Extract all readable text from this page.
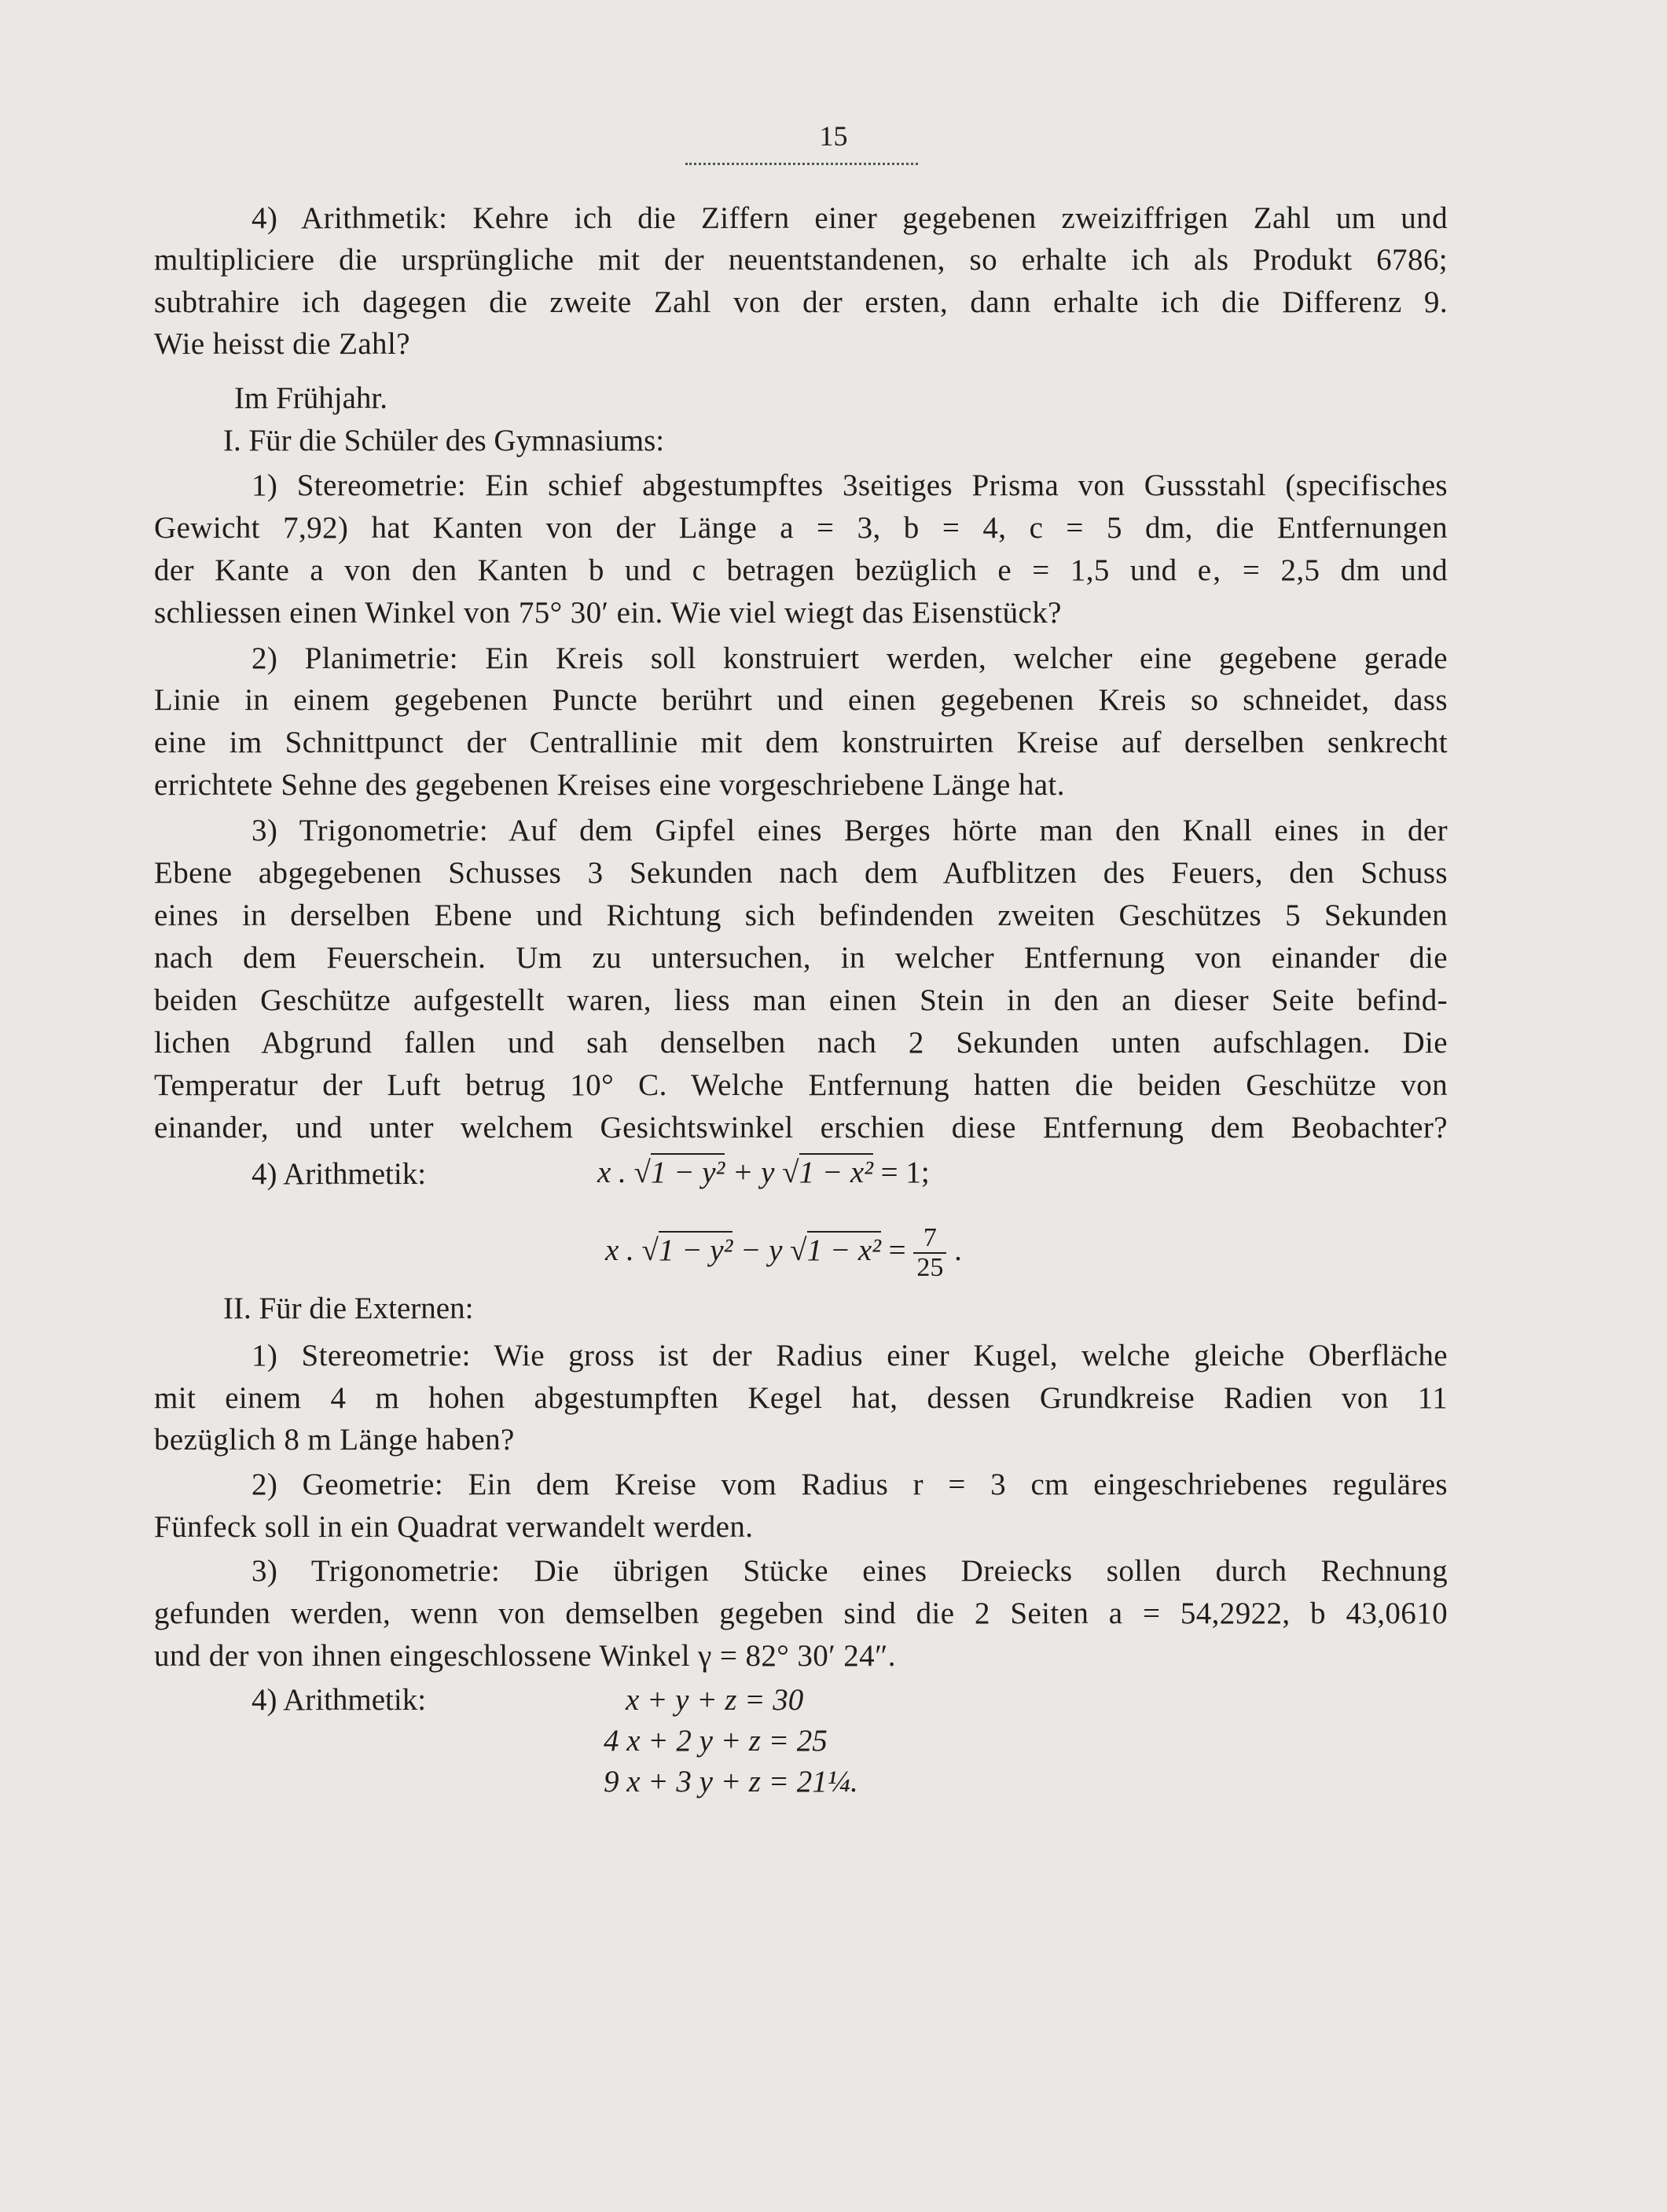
15
4) Arithmetik: Kehre ich die Ziffern einer gegebenen zweiziffrigen Zahl um und
multipliciere die ursprüngliche mit der neuentstandenen, so erhalte ich als Produkt 6786;
subtrahire ich dagegen die zweite Zahl von der ersten, dann erhalte ich die Differenz 9.
Wie heisst die Zahl?
Im Frühjahr.
I. Für die Schüler des Gymnasiums:
1) Stereometrie: Ein schief abgestumpftes 3seitiges Prisma von Gussstahl (specifisches
Gewicht 7,92) hat Kanten von der Länge a = 3, b = 4, c = 5 dm, die Entfernungen
der Kante a von den Kanten b und c betragen bezüglich e = 1,5 und e‚ = 2,5 dm und
schliessen einen Winkel von 75° 30′ ein. Wie viel wiegt das Eisenstück?
2) Planimetrie: Ein Kreis soll konstruiert werden, welcher eine gegebene gerade
Linie in einem gegebenen Puncte berührt und einen gegebenen Kreis so schneidet, dass
eine im Schnittpunct der Centrallinie mit dem konstruirten Kreise auf derselben senkrecht
errichtete Sehne des gegebenen Kreises eine vorgeschriebene Länge hat.
3) Trigonometrie: Auf dem Gipfel eines Berges hörte man den Knall eines in der
Ebene abgegebenen Schusses 3 Sekunden nach dem Aufblitzen des Feuers, den Schuss
eines in derselben Ebene und Richtung sich befindenden zweiten Geschützes 5 Sekunden
nach dem Feuerschein. Um zu untersuchen, in welcher Entfernung von einander die
beiden Geschütze aufgestellt waren, liess man einen Stein in den an dieser Seite befind-
lichen Abgrund fallen und sah denselben nach 2 Sekunden unten aufschlagen. Die
Temperatur der Luft betrug 10° C. Welche Entfernung hatten die beiden Geschütze von
einander, und unter welchem Gesichtswinkel erschien diese Entfernung dem Beobachter?
4) Arithmetik:	x . √1 − y² + y √1 − x² = 1;
x . √1 − y² − y $√1 - x^2 = \frac{7}{25}$ .
II. Für die Externen:
1) Stereometrie: Wie gross ist der Radius einer Kugel, welche gleiche Oberfläche
mit einem 4 m hohen abgestumpften Kegel hat, dessen Grundkreise Radien von 11
bezüglich 8 m Länge haben?
2) Geometrie: Ein dem Kreise vom Radius r = 3 cm eingeschriebenes reguläres
Fünfeck soll in ein Quadrat verwandelt werden.
3) Trigonometrie: Die übrigen Stücke eines Dreiecks sollen durch Rechnung
gefunden werden, wenn von demselben gegeben sind die 2 Seiten a = 54,2922, b 43,0610
und der von ihnen eingeschlossene Winkel γ = 82° 30′ 24″.
4) Arithmetik:	x + y + z = 30
4 x + 2 y + z = 25
9 x + 3 y + z = 21¼.
